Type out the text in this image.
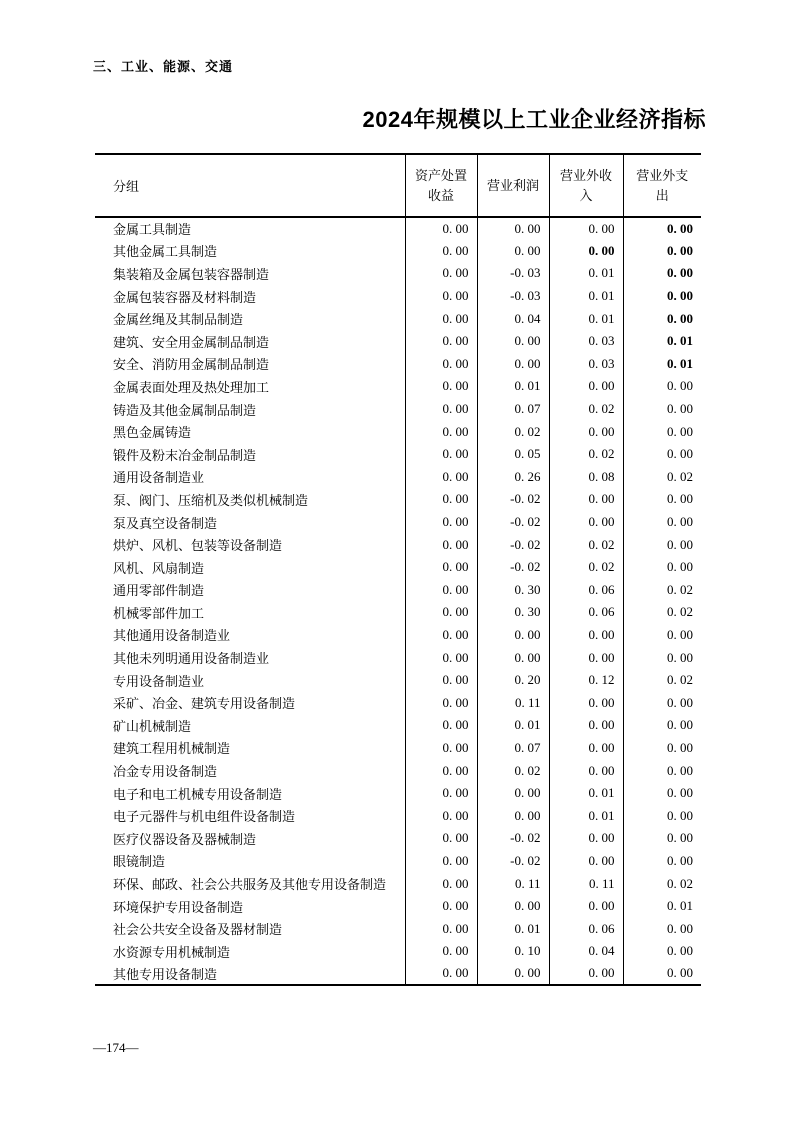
三、工业、能源、交通
2024年规模以上工业企业经济指标
分组	资产处置收益	营业利润	营业外收入	营业外支出
金属工具制造	0. 00	0. 00	0. 00	0. 00
其他金属工具制造	0. 00	0. 00	0. 00	0. 00
集装箱及金属包装容器制造	0. 00	-0. 03	0. 01	0. 00
金属包装容器及材料制造	0. 00	-0. 03	0. 01	0. 00
金属丝绳及其制品制造	0. 00	0. 04	0. 01	0. 00
建筑、安全用金属制品制造	0. 00	0. 00	0. 03	0. 01
安全、消防用金属制品制造	0. 00	0. 00	0. 03	0. 01
金属表面处理及热处理加工	0. 00	0. 01	0. 00	0. 00
铸造及其他金属制品制造	0. 00	0. 07	0. 02	0. 00
黑色金属铸造	0. 00	0. 02	0. 00	0. 00
锻件及粉末冶金制品制造	0. 00	0. 05	0. 02	0. 00
通用设备制造业	0. 00	0. 26	0. 08	0. 02
泵、阀门、压缩机及类似机械制造	0. 00	-0. 02	0. 00	0. 00
泵及真空设备制造	0. 00	-0. 02	0. 00	0. 00
烘炉、风机、包装等设备制造	0. 00	-0. 02	0. 02	0. 00
风机、风扇制造	0. 00	-0. 02	0. 02	0. 00
通用零部件制造	0. 00	0. 30	0. 06	0. 02
机械零部件加工	0. 00	0. 30	0. 06	0. 02
其他通用设备制造业	0. 00	0. 00	0. 00	0. 00
其他未列明通用设备制造业	0. 00	0. 00	0. 00	0. 00
专用设备制造业	0. 00	0. 20	0. 12	0. 02
采矿、冶金、建筑专用设备制造	0. 00	0. 11	0. 00	0. 00
矿山机械制造	0. 00	0. 01	0. 00	0. 00
建筑工程用机械制造	0. 00	0. 07	0. 00	0. 00
冶金专用设备制造	0. 00	0. 02	0. 00	0. 00
电子和电工机械专用设备制造	0. 00	0. 00	0. 01	0. 00
电子元器件与机电组件设备制造	0. 00	0. 00	0. 01	0. 00
医疗仪器设备及器械制造	0. 00	-0. 02	0. 00	0. 00
眼镜制造	0. 00	-0. 02	0. 00	0. 00
环保、邮政、社会公共服务及其他专用设备制造	0. 00	0. 11	0. 11	0. 02
环境保护专用设备制造	0. 00	0. 00	0. 00	0. 01
社会公共安全设备及器材制造	0. 00	0. 01	0. 06	0. 00
水资源专用机械制造	0. 00	0. 10	0. 04	0. 00
其他专用设备制造	0. 00	0. 00	0. 00	0. 00
—174—
